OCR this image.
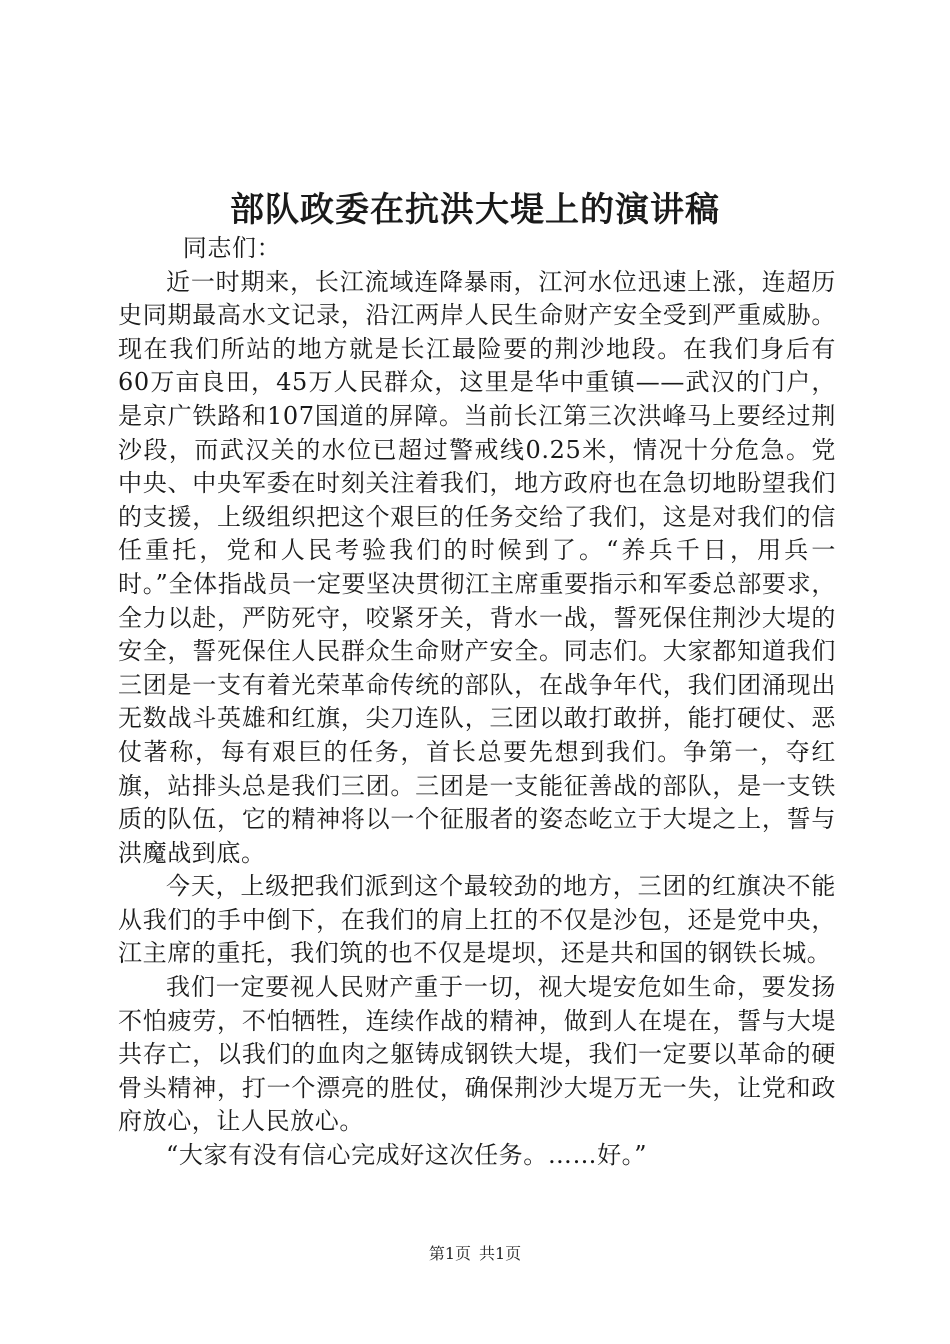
部队政委在抗洪大堤上的演讲稿

同志们：

近一时期来，长江流域连降暴雨，江河水位迅速上涨，连超历史同期最高水文记录，沿江两岸人民生命财产安全受到严重威胁。现在我们所站的地方就是长江最险要的荆沙地段。在我们身后有60万亩良田，45万人民群众，这里是华中重镇——武汉的门户，是京广铁路和107国道的屏障。当前长江第三次洪峰马上要经过荆沙段，而武汉关的水位已超过警戒线0.25米，情况十分危急。党中央、中央军委在时刻关注着我们，地方政府也在急切地盼望我们的支援，上级组织把这个艰巨的任务交给了我们，这是对我们的信任重托，党和人民考验我们的时候到了。“养兵千日，用兵一时。”全体指战员一定要坚决贯彻江主席重要指示和军委总部要求，全力以赴，严防死守，咬紧牙关，背水一战，誓死保住荆沙大堤的安全，誓死保住人民群众生命财产安全。同志们。大家都知道我们三团是一支有着光荣革命传统的部队，在战争年代，我们团涌现出无数战斗英雄和红旗，尖刀连队，三团以敢打敢拼，能打硬仗、恶仗著称，每有艰巨的任务，首长总要先想到我们。争第一，夺红旗，站排头总是我们三团。三团是一支能征善战的部队，是一支铁质的队伍，它的精神将以一个征服者的姿态屹立于大堤之上，誓与洪魔战到底。

今天，上级把我们派到这个最较劲的地方，三团的红旗决不能从我们的手中倒下，在我们的肩上扛的不仅是沙包，还是党中央，江主席的重托，我们筑的也不仅是堤坝，还是共和国的钢铁长城。

我们一定要视人民财产重于一切，视大堤安危如生命，要发扬不怕疲劳，不怕牺牲，连续作战的精神，做到人在堤在，誓与大堤共存亡，以我们的血肉之躯铸成钢铁大堤，我们一定要以革命的硬骨头精神，打一个漂亮的胜仗，确保荆沙大堤万无一失，让党和政府放心，让人民放心。

“大家有没有信心完成好这次任务。……好。”

第1页 共1页
